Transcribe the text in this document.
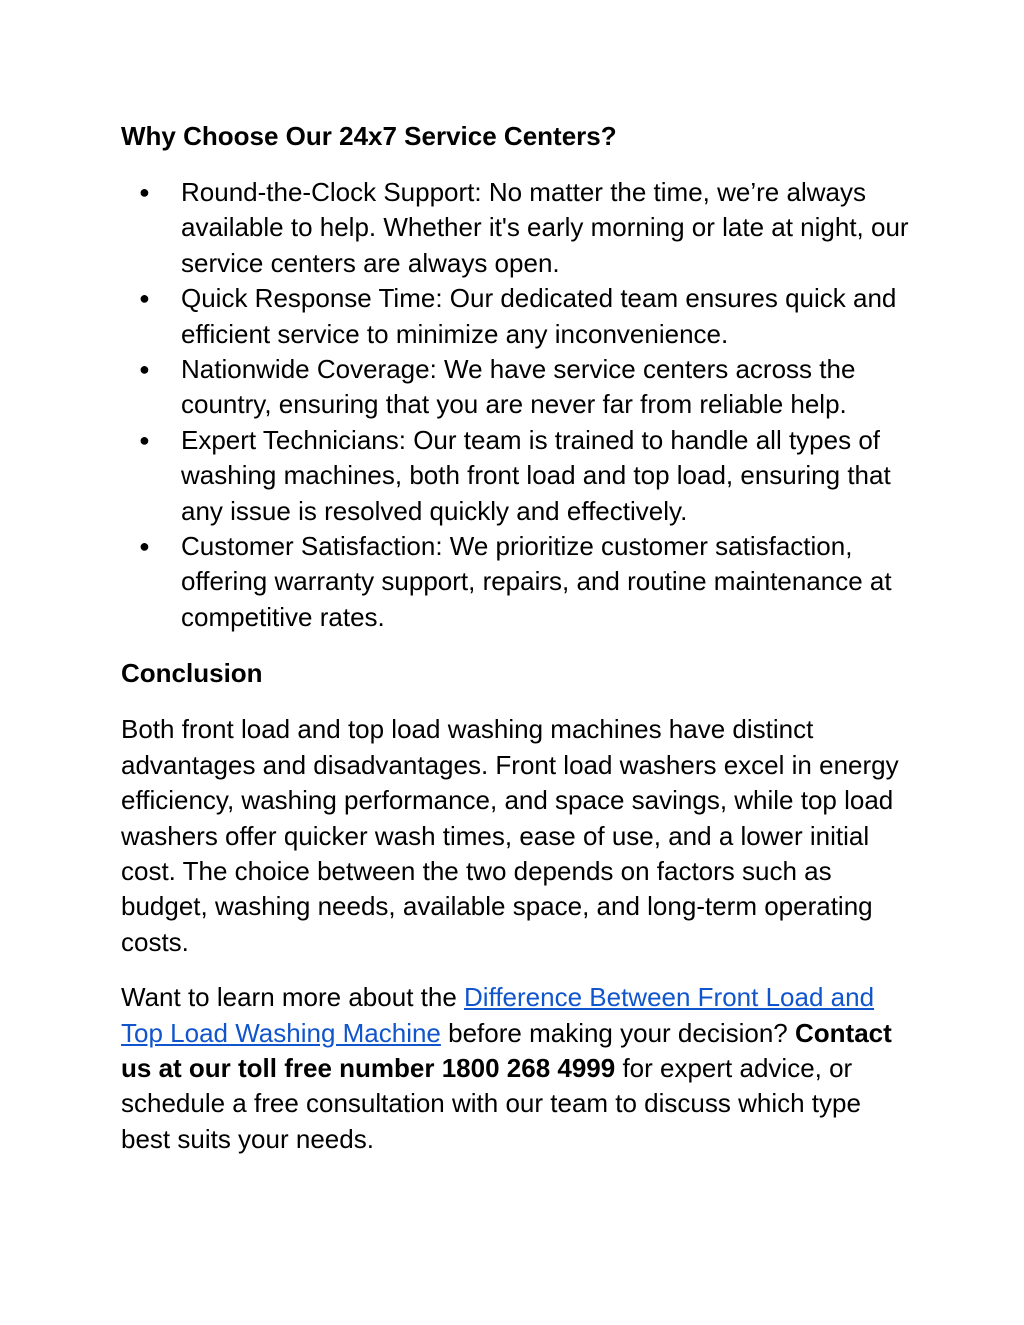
Why Choose Our 24x7 Service Centers?
● Round-the-Clock Support: No matter the time, we’re always available to help. Whether it's early morning or late at night, our service centers are always open.
● Quick Response Time: Our dedicated team ensures quick and efficient service to minimize any inconvenience.
● Nationwide Coverage: We have service centers across the country, ensuring that you are never far from reliable help.
● Expert Technicians: Our team is trained to handle all types of washing machines, both front load and top load, ensuring that any issue is resolved quickly and effectively.
● Customer Satisfaction: We prioritize customer satisfaction, offering warranty support, repairs, and routine maintenance at competitive rates.
Conclusion

Both front load and top load washing machines have distinct advantages and disadvantages. Front load washers excel in energy efficiency, washing performance, and space savings, while top load washers offer quicker wash times, ease of use, and a lower initial cost. The choice between the two depends on factors such as budget, washing needs, available space, and long-term operating costs.

Want to learn more about the Difference Between Front Load and Top Load Washing Machine before making your decision? Contact us at our toll free number 1800 268 4999 for expert advice, or schedule a free consultation with our team to discuss which type best suits your needs.
